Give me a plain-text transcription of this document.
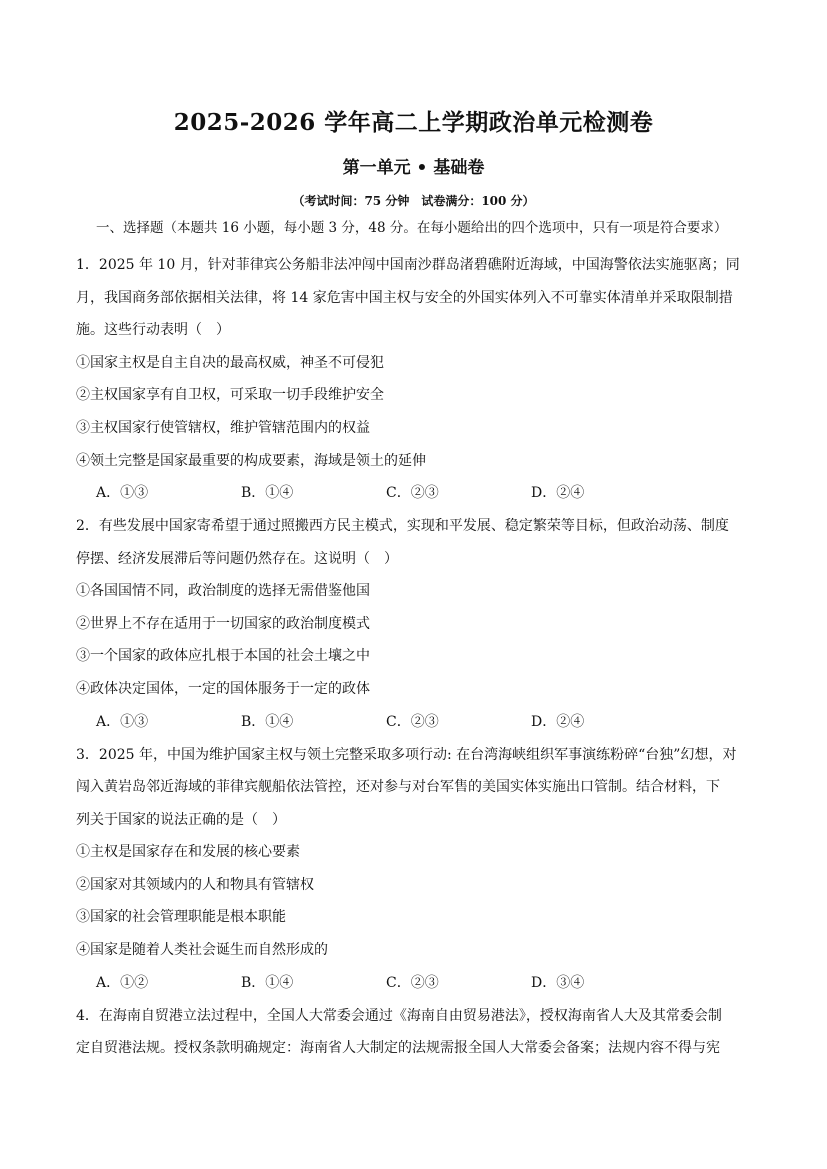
2025-2026 学年高二上学期政治单元检测卷
第一单元 • 基础卷
（考试时间：75 分钟　试卷满分：100 分）
一、选择题（本题共 16 小题，每小题 3 分，48 分。在每小题给出的四个选项中，只有一项是符合要求）

1．2025 年 10 月，针对菲律宾公务船非法冲闯中国南沙群岛渚碧礁附近海域，中国海警依法实施驱离；同

月，我国商务部依据相关法律，将 14 家危害中国主权与安全的外国实体列入不可靠实体清单并采取限制措

施。这些行动表明（　）

①国家主权是自主自决的最高权威，神圣不可侵犯

②主权国家享有自卫权，可采取一切手段维护安全

③主权国家行使管辖权，维护管辖范围内的权益

④领土完整是国家最重要的构成要素，海域是领土的延伸

A．①③	B．①④	C．②③	D．②④

2．有些发展中国家寄希望于通过照搬西方民主模式，实现和平发展、稳定繁荣等目标，但政治动荡、制度

停摆、经济发展滞后等问题仍然存在。这说明（　）

①各国国情不同，政治制度的选择无需借鉴他国

②世界上不存在适用于一切国家的政治制度模式

③一个国家的政体应扎根于本国的社会土壤之中

④政体决定国体，一定的国体服务于一定的政体

A．①③	B．①④	C．②③	D．②④

3．2025 年，中国为维护国家主权与领土完整采取多项行动: 在台湾海峡组织军事演练粉碎“台独”幻想，对

闯入黄岩岛邻近海域的菲律宾舰船依法管控，还对参与对台军售的美国实体实施出口管制。结合材料，下

列关于国家的说法正确的是（　）

①主权是国家存在和发展的核心要素

②国家对其领域内的人和物具有管辖权

③国家的社会管理职能是根本职能

④国家是随着人类社会诞生而自然形成的

A．①②	B．①④	C．②③	D．③④

4．在海南自贸港立法过程中，全国人大常委会通过《海南自由贸易港法》，授权海南省人大及其常委会制

定自贸港法规。授权条款明确规定：海南省人大制定的法规需报全国人大常委会备案；法规内容不得与宪
